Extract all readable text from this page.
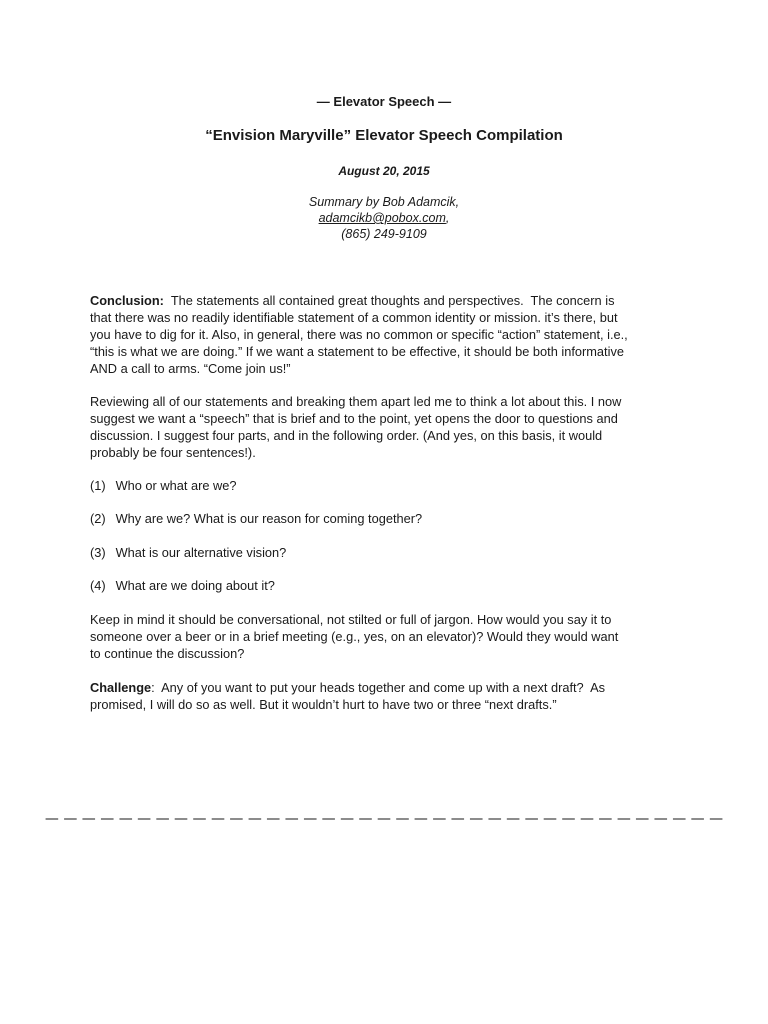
— Elevator Speech —
“Envision Maryville” Elevator Speech Compilation
August 20, 2015
Summary by Bob Adamcik,
adamcikb@pobox.com,
(865) 249-9109

Conclusion:  The statements all contained great thoughts and perspectives.  The concern is
that there was no readily identifiable statement of a common identity or mission. it’s there, but
you have to dig for it. Also, in general, there was no common or specific “action” statement, i.e.,
“this is what we are doing.” If we want a statement to be effective, it should be both informative
AND a call to arms. “Come join us!”

Reviewing all of our statements and breaking them apart led me to think a lot about this. I now
suggest we want a “speech” that is brief and to the point, yet opens the door to questions and
discussion. I suggest four parts, and in the following order. (And yes, on this basis, it would
probably be four sentences!).

(1) Who or what are we?
(2) Why are we? What is our reason for coming together?
(3) What is our alternative vision?
(4) What are we doing about it?

Keep in mind it should be conversational, not stilted or full of jargon. How would you say it to
someone over a beer or in a brief meeting (e.g., yes, on an elevator)? Would they would want
to continue the discussion?

Challenge:  Any of you want to put your heads together and come up with a next draft?  As
promised, I will do so as well. But it wouldn’t hurt to have two or three “next drafts.”

— — — — — — — — — — — — — — — — — — — — — — — — — — — — — — — — — — — — —
